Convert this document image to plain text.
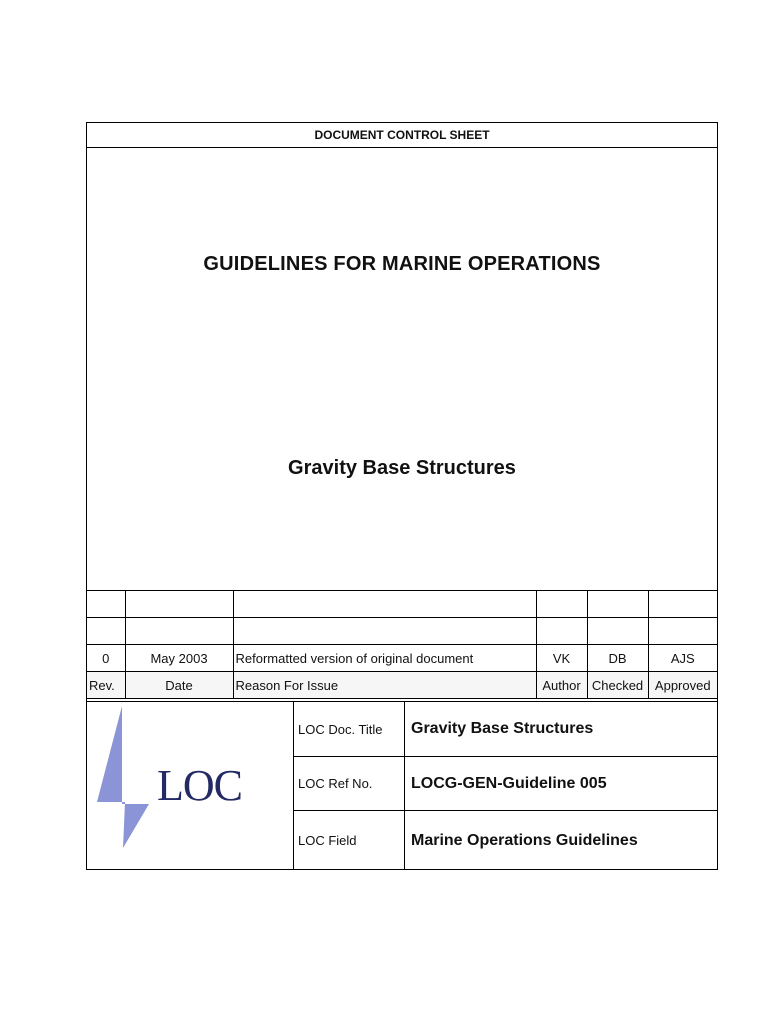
DOCUMENT CONTROL SHEET
GUIDELINES FOR MARINE OPERATIONS
Gravity Base Structures

0	May 2003	Reformatted version of original document	VK	DB	AJS
Rev.	Date	Reason For Issue	Author	Checked	Approved
LOC
LOC Doc. Title	Gravity Base Structures
LOC Ref No.	LOCG-GEN-Guideline 005
LOC Field	Marine Operations Guidelines
